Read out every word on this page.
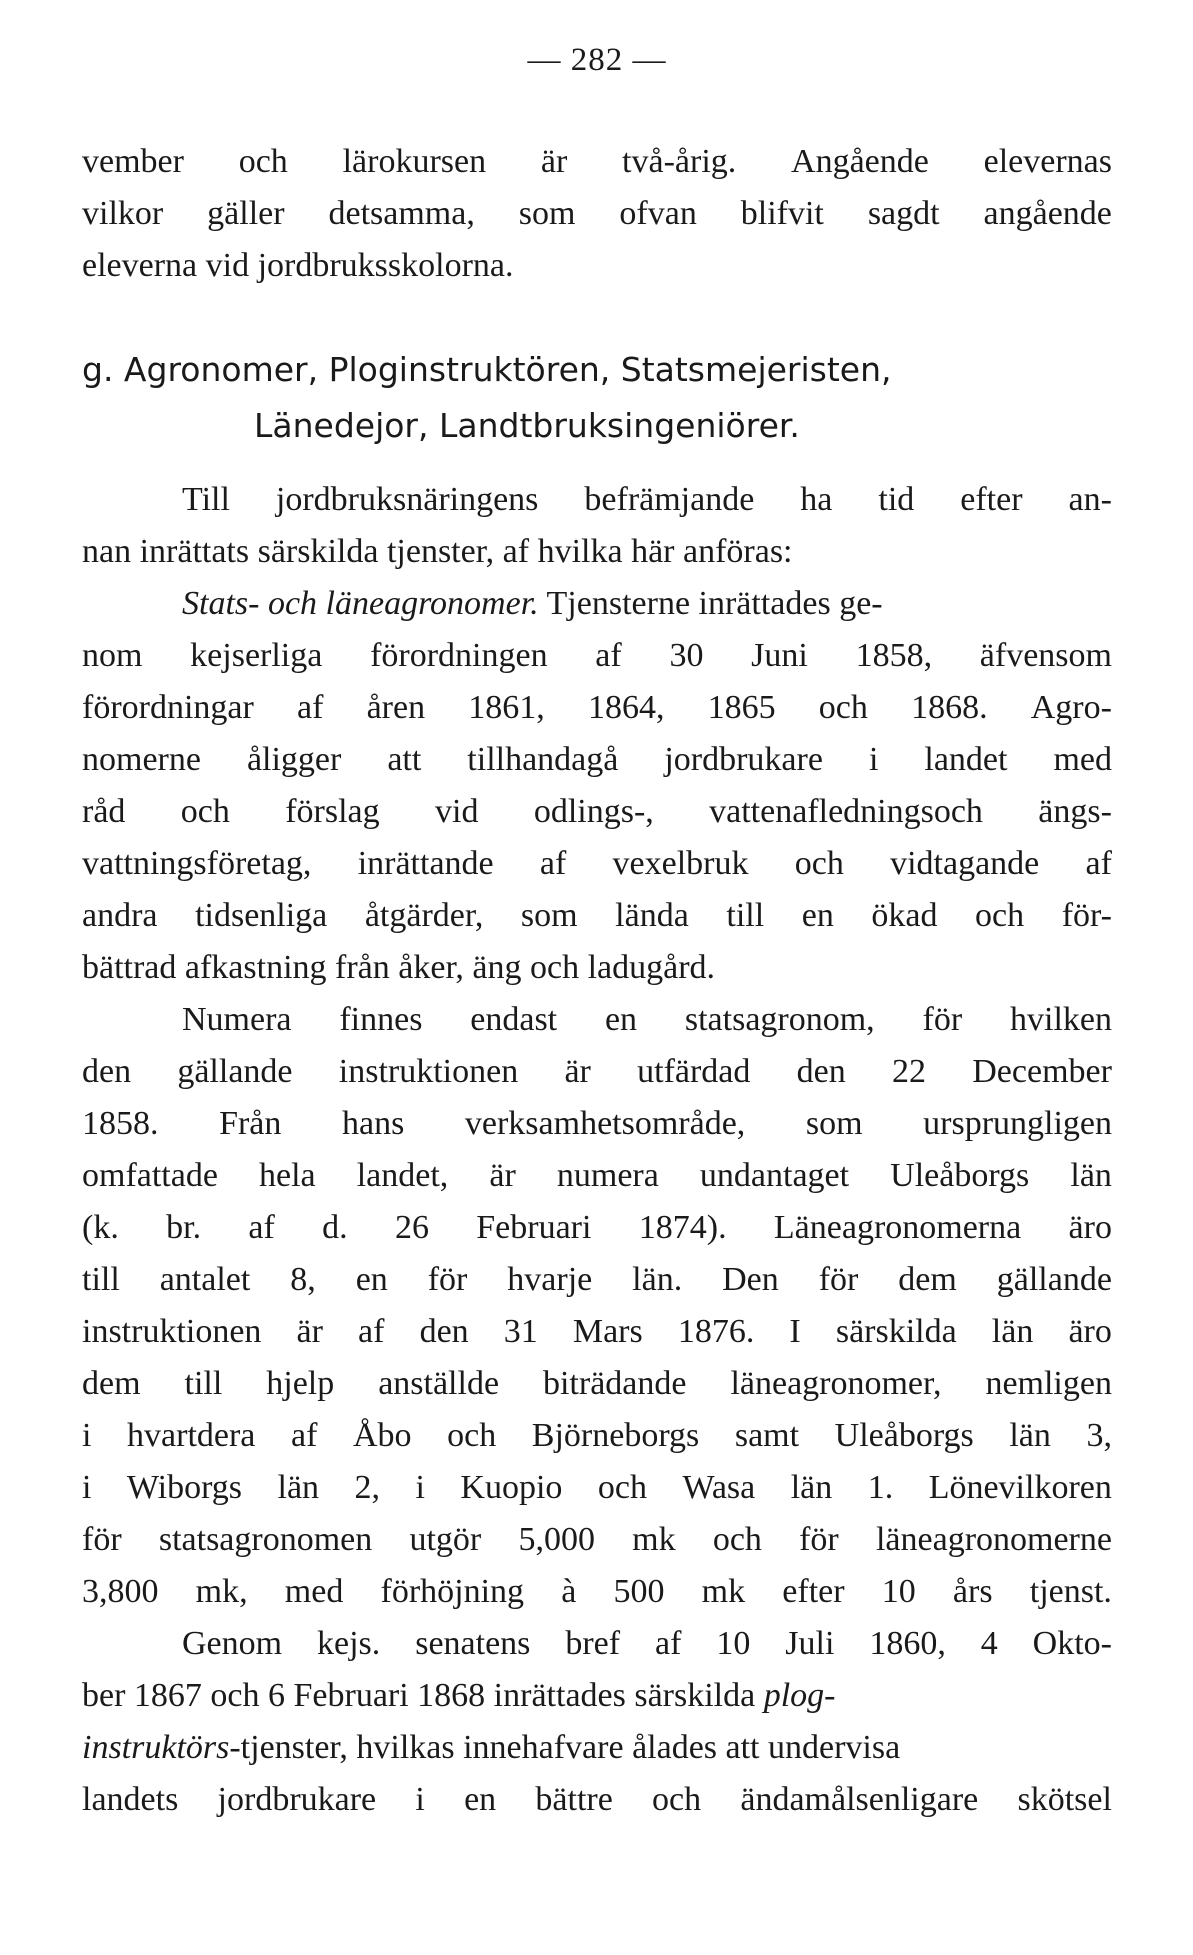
— 282 —
vember och lärokursen är två-årig. Angående elevernas
vilkor gäller detsamma, som ofvan blifvit sagdt angående
eleverna vid jordbruksskolorna.
g. Agronomer, Ploginstruktören, Statsmejeristen,
Länedejor, Landtbruksingeniörer.
Till jordbruksnäringens befrämjande ha tid efter an-
nan inrättats särskilda tjenster, af hvilka här anföras:
Stats- och läneagronomer. Tjensterne inrättades ge-
nom kejserliga förordningen af 30 Juni 1858, äfvensom
förordningar af åren 1861, 1864, 1865 och 1868. Agro-
nomerne åligger att tillhandagå jordbrukare i landet med
råd och förslag vid odlings-, vattenafledningsoch ängs-
vattningsföretag, inrättande af vexelbruk och vidtagande af
andra tidsenliga åtgärder, som lända till en ökad och för-
bättrad afkastning från åker, äng och ladugård.
Numera finnes endast en statsagronom, för hvilken
den gällande instruktionen är utfärdad den 22 December
1858. Från hans verksamhetsområde, som ursprungligen
omfattade hela landet, är numera undantaget Uleåborgs län
(k. br. af d. 26 Februari 1874). Läneagronomerna äro
till antalet 8, en för hvarje län. Den för dem gällande
instruktionen är af den 31 Mars 1876. I särskilda län äro
dem till hjelp anställde biträdande läneagronomer, nemligen
i hvartdera af Åbo och Björneborgs samt Uleåborgs län 3,
i Wiborgs län 2, i Kuopio och Wasa län 1. Lönevilkoren
för statsagronomen utgör 5,000 mk och för läneagronomerne
3,800 mk, med förhöjning à 500 mk efter 10 års tjenst.
Genom kejs. senatens bref af 10 Juli 1860, 4 Okto-
ber 1867 och 6 Februari 1868 inrättades särskilda plog-
instruktörs-tjenster, hvilkas innehafvare ålades att undervisa
landets jordbrukare i en bättre och ändamålsenligare skötsel
